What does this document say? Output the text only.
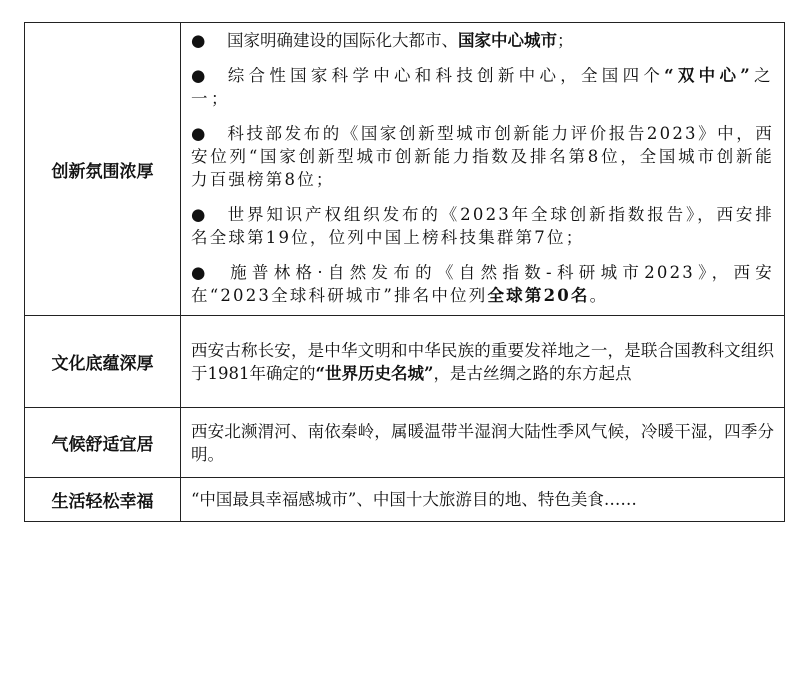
创新氛围浓厚	● 国家明确建设的国际化大都市、国家中心城市；
● 综合性国家科学中心和科技创新中心，全国四个“双中心”之一；
● 科技部发布的《国家创新型城市创新能力评价报告2023》中，西安位列“国家创新型城市创新能力指数及排名第8位，全国城市创新能力百强榜第8位；
● 世界知识产权组织发布的《2023年全球创新指数报告》，西安排名全球第19位，位列中国上榜科技集群第7位；
● 施普林格·自然发布的《自然指数-科研城市2023》，西安在“2023全球科研城市”排名中位列全球第20名。

文化底蕴深厚	西安古称长安，是中华文明和中华民族的重要发祥地之一，是联合国教科文组织于1981年确定的“世界历史名城”，是古丝绸之路的东方起点

气候舒适宜居	西安北濒渭河、南依秦岭，属暖温带半湿润大陆性季风气候，冷暖干湿，四季分明。

生活轻松幸福	“中国最具幸福感城市”、中国十大旅游目的地、特色美食……
